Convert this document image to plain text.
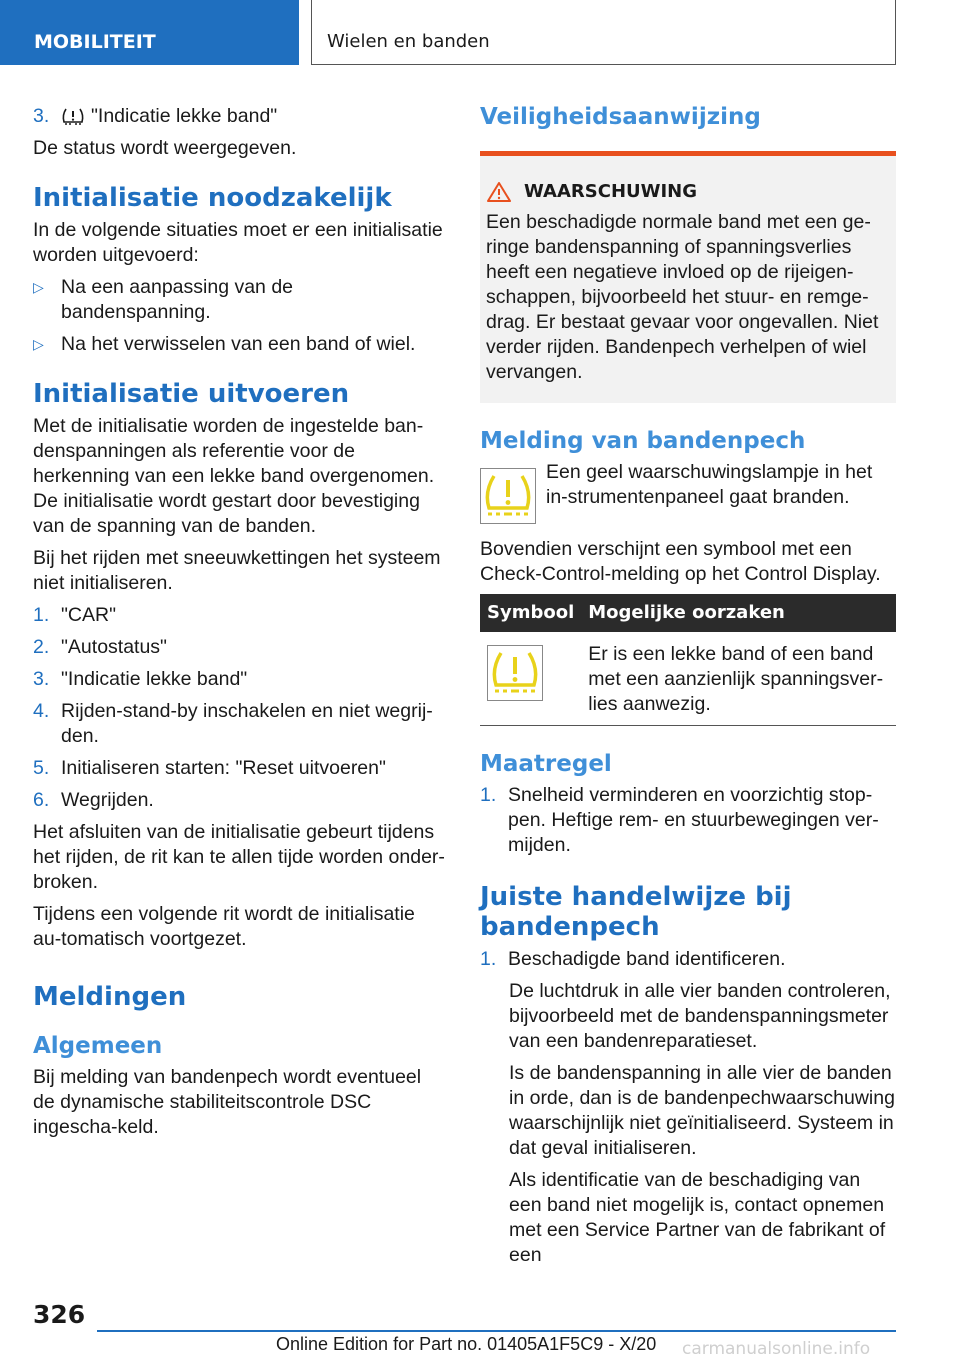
MOBILITEIT	Wielen en banden
3.	"Indicatie lekke band"

De status wordt weergegeven.

Initialisatie noodzakelijk

In de volgende situaties moet er een initialisatie worden uitgevoerd:

▷ Na een aanpassing van de bandenspanning.
▷ Na het verwisselen van een band of wiel.
Initialisatie uitvoeren

Met de initialisatie worden de ingestelde ban-denspanningen als referentie voor de herkenning van een lekke band overgenomen. De initialisatie wordt gestart door bevestiging van de spanning van de banden.

Bij het rijden met sneeuwkettingen het systeem niet initialiseren.

1. "CAR"
2. "Autostatus"
3. "Indicatie lekke band"
4. Rijden-stand-by inschakelen en niet wegrij-den.
5. Initialiseren starten: "Reset uitvoeren"
6. Wegrijden.

Het afsluiten van de initialisatie gebeurt tijdens het rijden, de rit kan te allen tijde worden onder-broken.

Tijdens een volgende rit wordt de initialisatie au-tomatisch voortgezet.

Meldingen
Algemeen

Bij melding van bandenpech wordt eventueel de dynamische stabiliteitscontrole DSC ingescha-keld.

Veiligheidsaanwijzing
WAARSCHUWING

Een beschadigde normale band met een ge-ringe bandenspanning of spanningsverlies heeft een negatieve invloed op de rijeigen-schappen, bijvoorbeeld het stuur- en remge-drag. Er bestaat gevaar voor ongevallen. Niet verder rijden. Bandenpech verhelpen of wiel vervangen.

Melding van bandenpech

Een geel waarschuwingslampje in het in-strumentenpaneel gaat branden.

Bovendien verschijnt een symbool met een Check-Control-melding op het Control Display.

Symbool	Mogelijke oorzaken
	Er is een lekke band of een band met een aanzienlijk spanningsver-lies aanwezig.
Maatregel
1. Snelheid verminderen en voorzichtig stop-pen. Heftige rem- en stuurbewegingen ver-mijden.
Juiste handelwijze bij bandenpech
1. Beschadigde band identificeren.

De luchtdruk in alle vier banden controleren, bijvoorbeeld met de bandenspanningsmeter van een bandenreparatieset.

Is de bandenspanning in alle vier de banden in orde, dan is de bandenpechwaarschuwing waarschijnlijk niet geïnitialiseerd. Systeem in dat geval initialiseren.

Als identificatie van de beschadiging van een band niet mogelijk is, contact opnemen met een Service Partner van de fabrikant of een

326
Online Edition for Part no. 01405A1F5C9 - X/20 carmanualsonline.info
